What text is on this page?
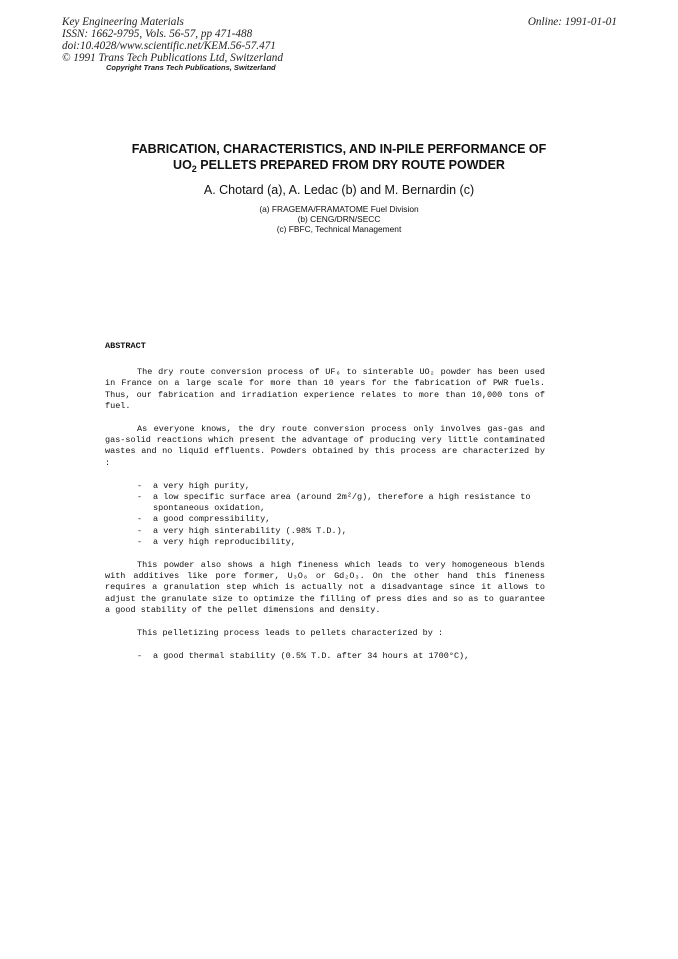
Key Engineering Materials	Online: 1991-01-01
ISSN: 1662-9795, Vols. 56-57, pp 471-488
doi:10.4028/www.scientific.net/KEM.56-57.471
© 1991 Trans Tech Publications Ltd, Switzerland
Copyright Trans Tech Publications, Switzerland
FABRICATION, CHARACTERISTICS, AND IN-PILE PERFORMANCE OF
$UO_2$ PELLETS PREPARED FROM DRY ROUTE POWDER
A. Chotard (a), A. Ledac (b) and M. Bernardin (c)
(a) FRAGEMA/FRAMATOME Fuel Division
(b) CENG/DRN/SECC
(c) FBFC, Technical Management
ABSTRACT

The dry route conversion process of UF₆ to sinterable UO₂ powder has been used in France on a large scale for more than 10 years for the fabrication of PWR fuels. Thus, our fabrication and irradiation experience relates to more than 10,000 tons of fuel.

As everyone knows, the dry route conversion process only involves gas-gas and gas-solid reactions which present the advantage of producing very little contaminated wastes and no liquid effluents. Powders obtained by this process are characterized by :

- a very high purity,
- a low specific surface area (around 2m²/g), therefore a high resistance to spontaneous oxidation,
- a good compressibility,
- a very high sinterability (.98% T.D.),
- a very high reproducibility,

This powder also shows a high fineness which leads to very homogeneous blends with additives like pore former, U₃O₈ or Gd₂O₃. On the other hand this fineness requires a granulation step which is actually not a disadvantage since it allows to adjust the granulate size to optimize the filling of press dies and so as to guarantee a good stability of the pellet dimensions and density.

This pelletizing process leads to pellets characterized by :

- a good thermal stability (0.5% T.D. after 34 hours at 1700°C),
